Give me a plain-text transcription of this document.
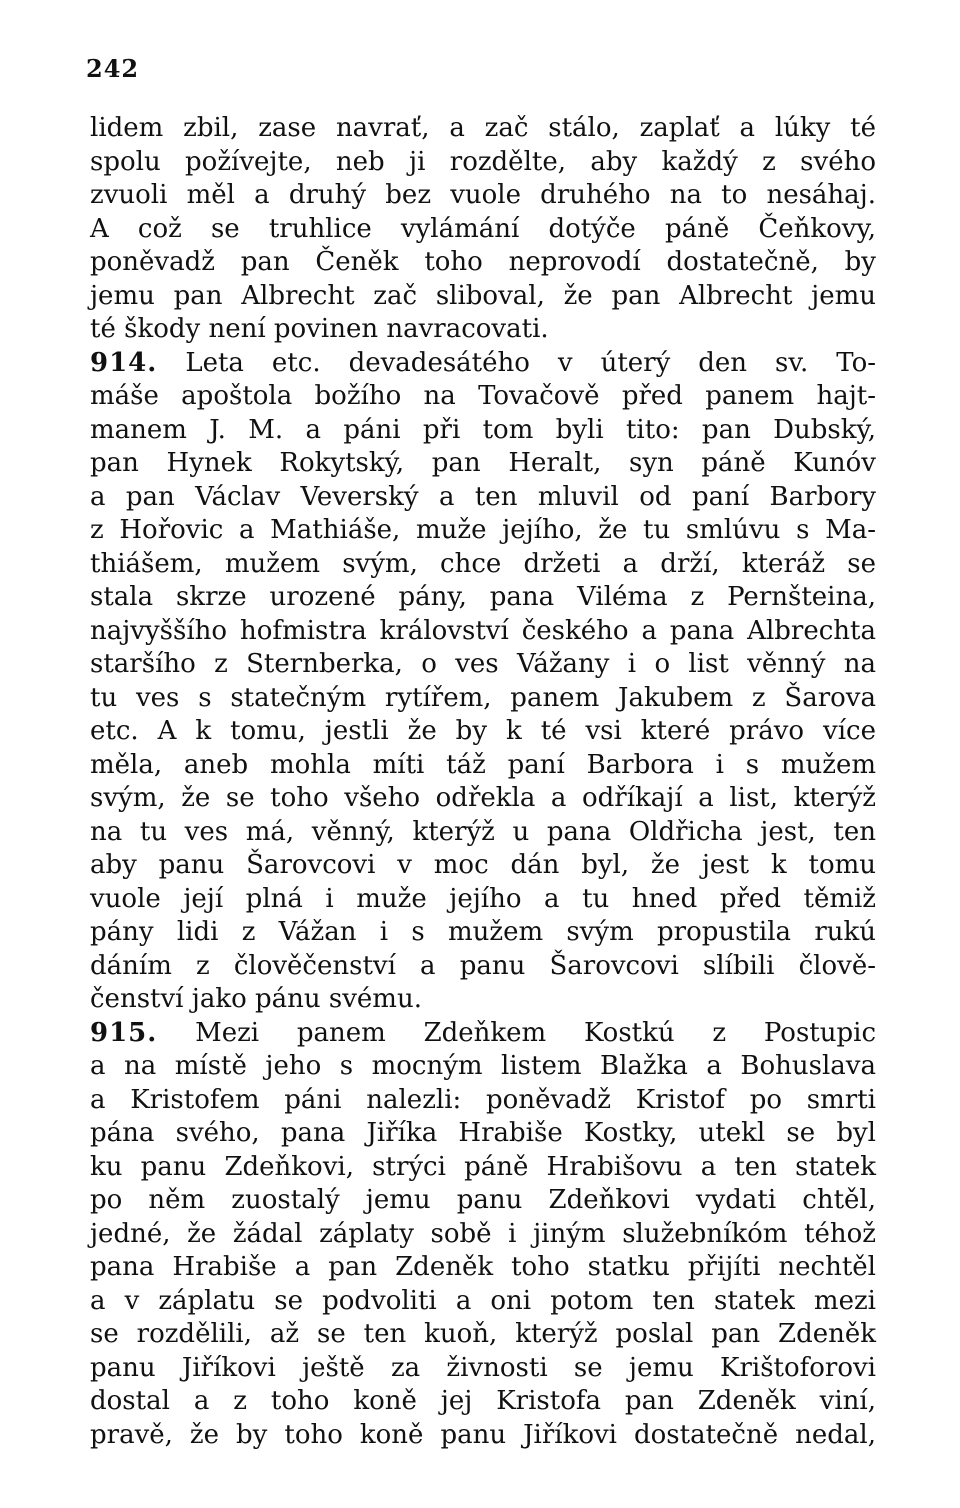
242
lidem zbil, zase navrať, a zač stálo, zaplať a lúky té
spolu požívejte, neb ji rozdělte, aby každý z svého
zvuoli měl a druhý bez vuole druhého na to nesáhaj.
A což se truhlice vylámání dotýče páně Čeňkovy,
poněvadž pan Čeněk toho neprovodí dostatečně, by
jemu pan Albrecht zač sliboval, že pan Albrecht jemu
té škody není povinen navracovati.
914. Leta etc. devadesátého v úterý den sv. To-
máše apoštola božího na Tovačově před panem hajt-
manem J. M. a páni při tom byli tito: pan Dubský,
pan Hynek Rokytský, pan Heralt, syn páně Kunóv
a pan Václav Veverský a ten mluvil od paní Barbory
z Hořovic a Mathiáše, muže jejího, že tu smlúvu s Ma-
thiášem, mužem svým, chce držeti a drží, kteráž se
stala skrze urozené pány, pana Viléma z Pernšteina,
najvyššího hofmistra království českého a pana Albrechta
staršího z Sternberka, o ves Vážany i o list věnný na
tu ves s statečným rytířem, panem Jakubem z Šarova
etc. A k tomu, jestli že by k té vsi které právo více
měla, aneb mohla míti táž paní Barbora i s mužem
svým, že se toho všeho odřekla a odříkají a list, kterýž
na tu ves má, věnný, kterýž u pana Oldřicha jest, ten
aby panu Šarovcovi v moc dán byl, že jest k tomu
vuole její plná i muže jejího a tu hned před těmiž
pány lidi z Vážan i s mužem svým propustila rukú
dáním z člověčenství a panu Šarovcovi slíbili člově-
čenství jako pánu svému.
915. Mezi panem Zdeňkem Kostkú z Postupic
a na místě jeho s mocným listem Blažka a Bohuslava
a Kristofem páni nalezli: poněvadž Kristof po smrti
pána svého, pana Jiříka Hrabiše Kostky, utekl se byl
ku panu Zdeňkovi, strýci páně Hrabišovu a ten statek
po něm zuostalý jemu panu Zdeňkovi vydati chtěl,
jedné, že žádal záplaty sobě i jiným služebníkóm téhož
pana Hrabiše a pan Zdeněk toho statku přijíti nechtěl
a v záplatu se podvoliti a oni potom ten statek mezi
se rozdělili, až se ten kuoň, kterýž poslal pan Zdeněk
panu Jiříkovi ještě za živnosti se jemu Krištoforovi
dostal a z toho koně jej Kristofa pan Zdeněk viní,
pravě, že by toho koně panu Jiříkovi dostatečně nedal,
